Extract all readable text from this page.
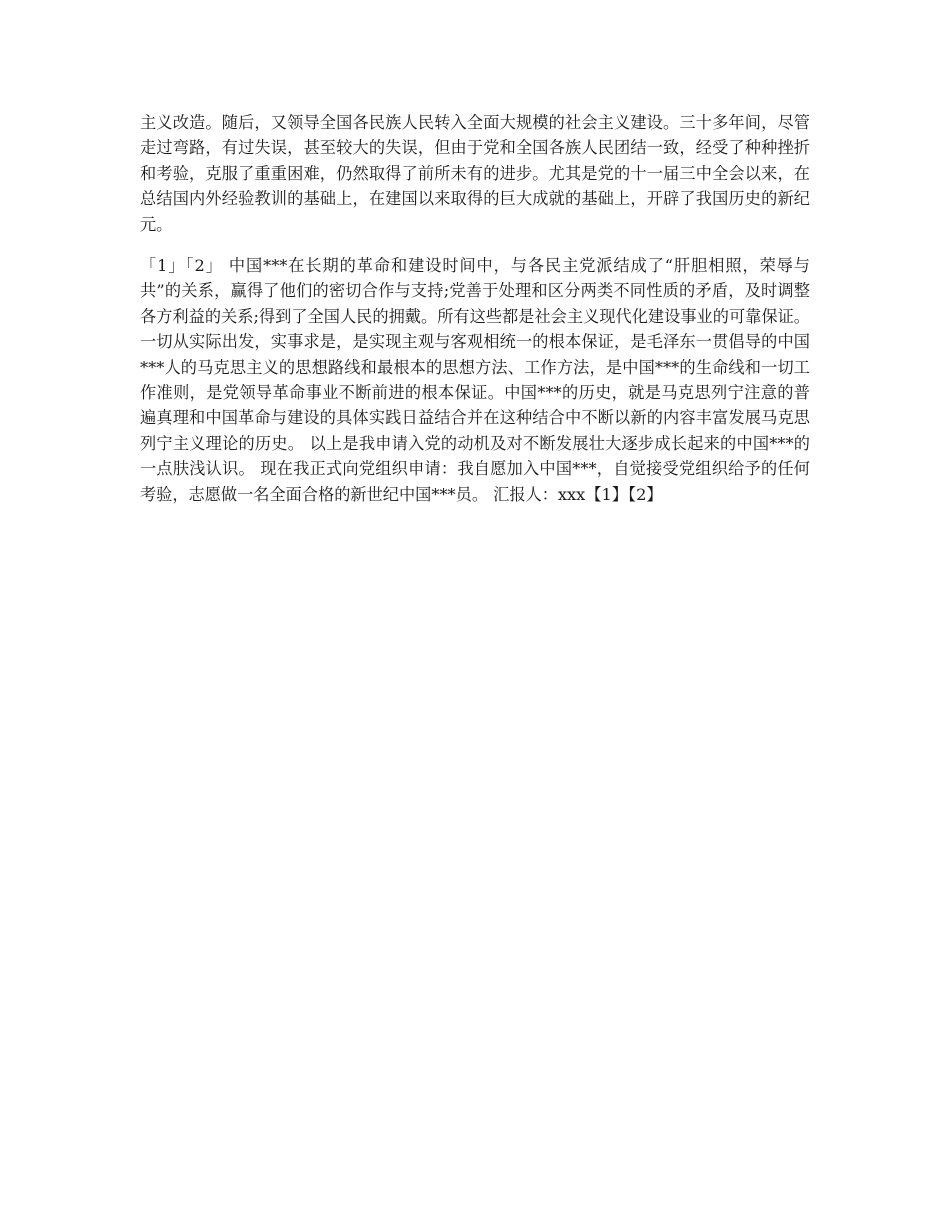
主义改造。随后，又领导全国各民族人民转入全面大规模的社会主义建设。三十多年间，尽管走过弯路，有过失误，甚至较大的失误，但由于党和全国各族人民团结一致，经受了种种挫折和考验，克服了重重困难，仍然取得了前所未有的进步。尤其是党的十一届三中全会以来，在总结国内外经验教训的基础上，在建国以来取得的巨大成就的基础上，开辟了我国历史的新纪元。

「1」「2」 中国***在长期的革命和建设时间中，与各民主党派结成了“肝胆相照，荣辱与共”的关系，赢得了他们的密切合作与支持;党善于处理和区分两类不同性质的矛盾，及时调整各方利益的关系;得到了全国人民的拥戴。所有这些都是社会主义现代化建设事业的可靠保证。 一切从实际出发，实事求是，是实现主观与客观相统一的根本保证，是毛泽东一贯倡导的中国***人的马克思主义的思想路线和最根本的思想方法、工作方法，是中国***的生命线和一切工作准则，是党领导革命事业不断前进的根本保证。中国***的历史，就是马克思列宁注意的普遍真理和中国革命与建设的具体实践日益结合并在这种结合中不断以新的内容丰富发展马克思列宁主义理论的历史。 以上是我申请入党的动机及对不断发展壮大逐步成长起来的中国***的一点肤浅认识。 现在我正式向党组织申请：我自愿加入中国***，自觉接受党组织给予的任何考验，志愿做一名全面合格的新世纪中国***员。 汇报人：xxx【1】【2】
